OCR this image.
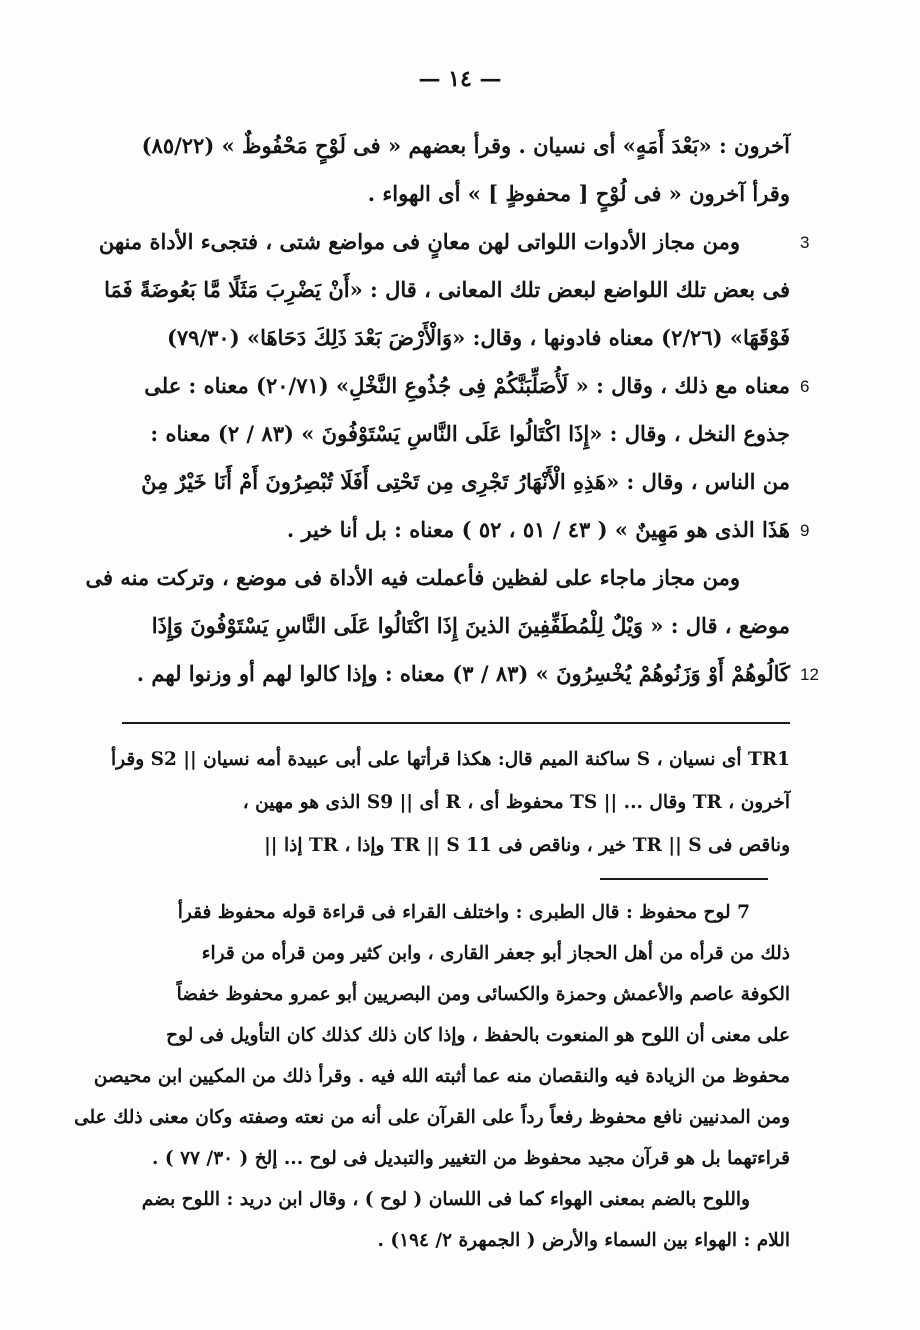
— ١٤ —
آخرون : «بَعْدَ أَمَهٍ» أى نسيان . وقرأ بعضهم « فى لَوْحٍ مَحْفُوظٌ » (٨٥/٢٢)
وقرأ آخرون « فى لُوْحٍ [ محفوظٍ ] » أى الهواء .
ومن مجاز الأدوات اللواتى لهن معانٍ فى مواضع شتى ، فتجىء الأداة منهن
فى بعض تلك اللواضع لبعض تلك المعانى ، قال : «أَنْ يَضْرِبَ مَثَلًا مَّا بَعُوضَةً فَمَا
فَوْقَهَا» (٢/٢٦) معناه فادونها ، وقال: «وَالْأَرْضَ بَعْدَ ذَلِكَ دَحَاهَا» (٧٩/٣٠)
معناه مع ذلك ، وقال : « لَأُصَلِّبَنَّكُمْ فِى جُذُوعِ النَّخْلِ» (٢٠/٧١) معناه : على
جذوع النخل ، وقال : «إِذَا اكْتَالُوا عَلَى النَّاسِ يَسْتَوْفُونَ » (٨٣ / ٢) معناه :
من الناس ، وقال : «هَذِهِ الْأَنْهَارُ تَجْرِى مِن تَحْتِى أَفَلَا تُبْصِرُونَ أَمْ أَنَا خَيْرٌ مِنْ
هَذَا الذى هو مَهِينٌ » ( ٤٣ / ٥١ ، ٥٢ ) معناه : بل أنا خير .
ومن مجاز ماجاء على لفظين فأعملت فيه الأداة فى موضع ، وتركت منه فى
موضع ، قال : « وَيْلٌ لِلْمُطَفِّفِينَ الذينَ إِذَا اكْتَالُوا عَلَى النَّاسِ يَسْتَوْفُونَ وَإِذَا
كَالُوهُمْ أَوْ وَزَنُوهُمْ يُخْسِرُونَ » (٨٣ / ٣) معناه : وإذا كالوا لهم أو وزنوا لهم .
TR1 أى نسيان ، S ساكنة الميم قال: هكذا قرأتها على أبى عبيدة أمه نسيان || S2 وقرأ
آخرون ، TR وقال ... || TS محفوظ أى ، R أى || S9 الذى هو مهين ،
وناقص فى TR || S خير ، وناقص فى TR || S 11 وإذا ، TR إذا ||
7 لوح محفوظ : قال الطبرى : واختلف القراء فى قراءة قوله محفوظ فقرأ
ذلك من قرأه من أهل الحجاز أبو جعفر القارى ، وابن كثير ومن قرأه من قراء
الكوفة عاصم والأعمش وحمزة والكسائى ومن البصريين أبو عمرو محفوظ خفضاً
على معنى أن اللوح هو المنعوت بالحفظ ، وإذا كان ذلك كذلك كان التأويل فى لوح
محفوظ من الزيادة فيه والنقصان منه عما أثبته الله فيه . وقرأ ذلك من المكيين ابن محيصن
ومن المدنيين نافع محفوظ رفعاً رداً على القرآن على أنه من نعته وصفته وكان معنى ذلك على
قراءتهما بل هو قرآن مجيد محفوظ من التغيير والتبديل فى لوح ... إلخ ( ٣٠/ ٧٧ ) .
واللوح بالضم بمعنى الهواء كما فى اللسان ( لوح ) ، وقال ابن دريد : اللوح بضم
اللام : الهواء بين السماء والأرض ( الجمهرة ٢/ ١٩٤) .
3
6
9
12
